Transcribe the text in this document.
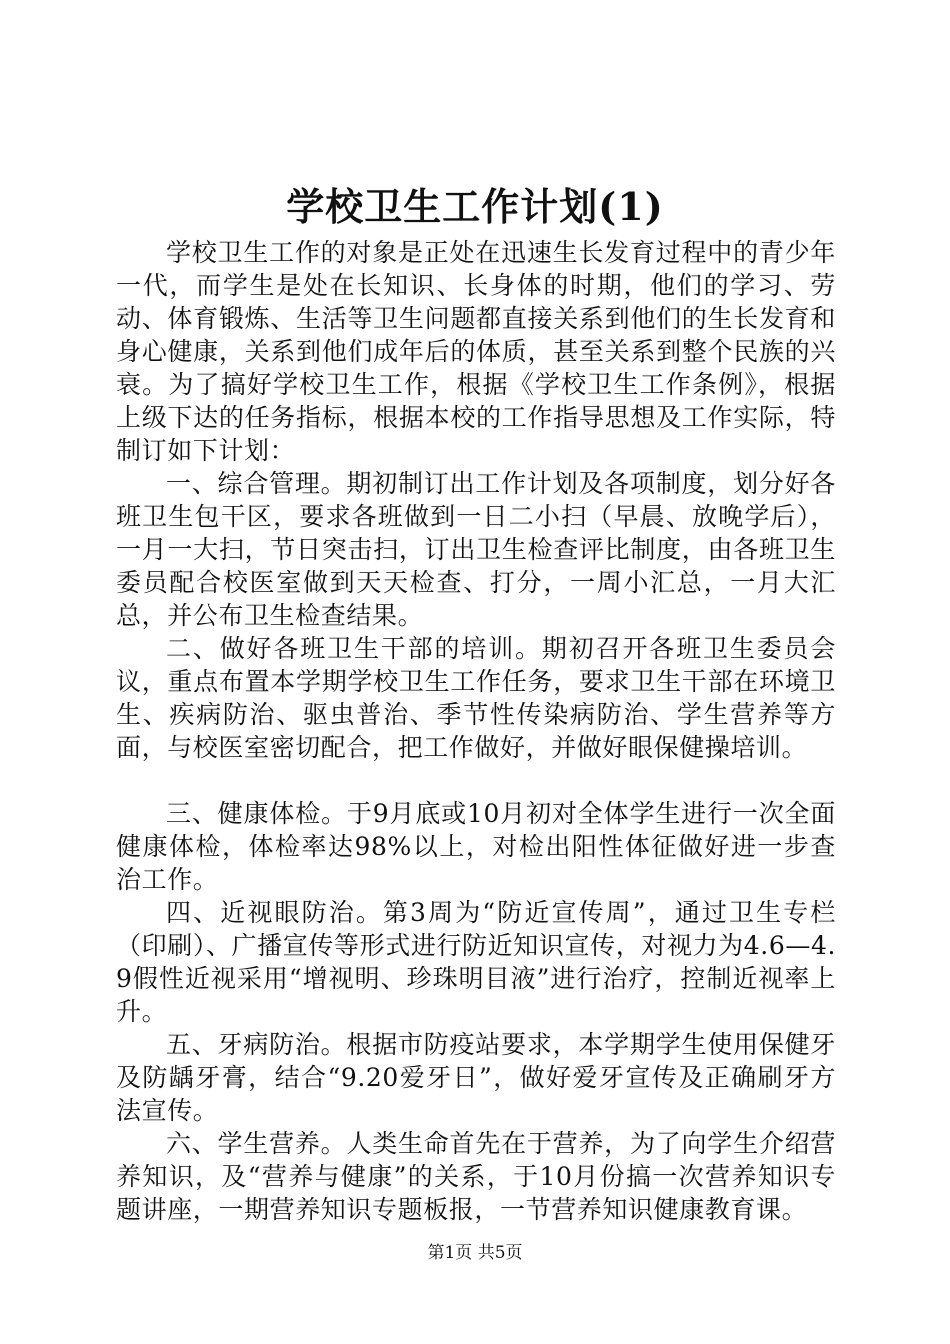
学校卫生工作计划(1)

学校卫生工作的对象是正处在迅速生长发育过程中的青少年一代，而学生是处在长知识、长身体的时期，他们的学习、劳动、体育锻炼、生活等卫生问题都直接关系到他们的生长发育和身心健康，关系到他们成年后的体质，甚至关系到整个民族的兴衰。为了搞好学校卫生工作，根据《学校卫生工作条例》，根据上级下达的任务指标，根据本校的工作指导思想及工作实际，特制订如下计划：

一、综合管理。期初制订出工作计划及各项制度，划分好各班卫生包干区，要求各班做到一日二小扫（早晨、放晚学后），一月一大扫，节日突击扫，订出卫生检查评比制度，由各班卫生委员配合校医室做到天天检查、打分，一周小汇总，一月大汇总，并公布卫生检查结果。

二、做好各班卫生干部的培训。期初召开各班卫生委员会议，重点布置本学期学校卫生工作任务，要求卫生干部在环境卫生、疾病防治、驱虫普治、季节性传染病防治、学生营养等方面，与校医室密切配合，把工作做好，并做好眼保健操培训。

三、健康体检。于9月底或10月初对全体学生进行一次全面健康体检，体检率达98%以上，对检出阳性体征做好进一步查治工作。

四、近视眼防治。第3周为“防近宣传周”，通过卫生专栏（印刷）、广播宣传等形式进行防近知识宣传，对视力为4.6—4.9假性近视采用“增视明、珍珠明目液”进行治疗，控制近视率上升。

五、牙病防治。根据市防疫站要求，本学期学生使用保健牙及防龋牙膏，结合“9.20爱牙日”，做好爱牙宣传及正确刷牙方法宣传。

六、学生营养。人类生命首先在于营养，为了向学生介绍营养知识，及“营养与健康”的关系，于10月份搞一次营养知识专题讲座，一期营养知识专题板报，一节营养知识健康教育课。

第1页 共5页
